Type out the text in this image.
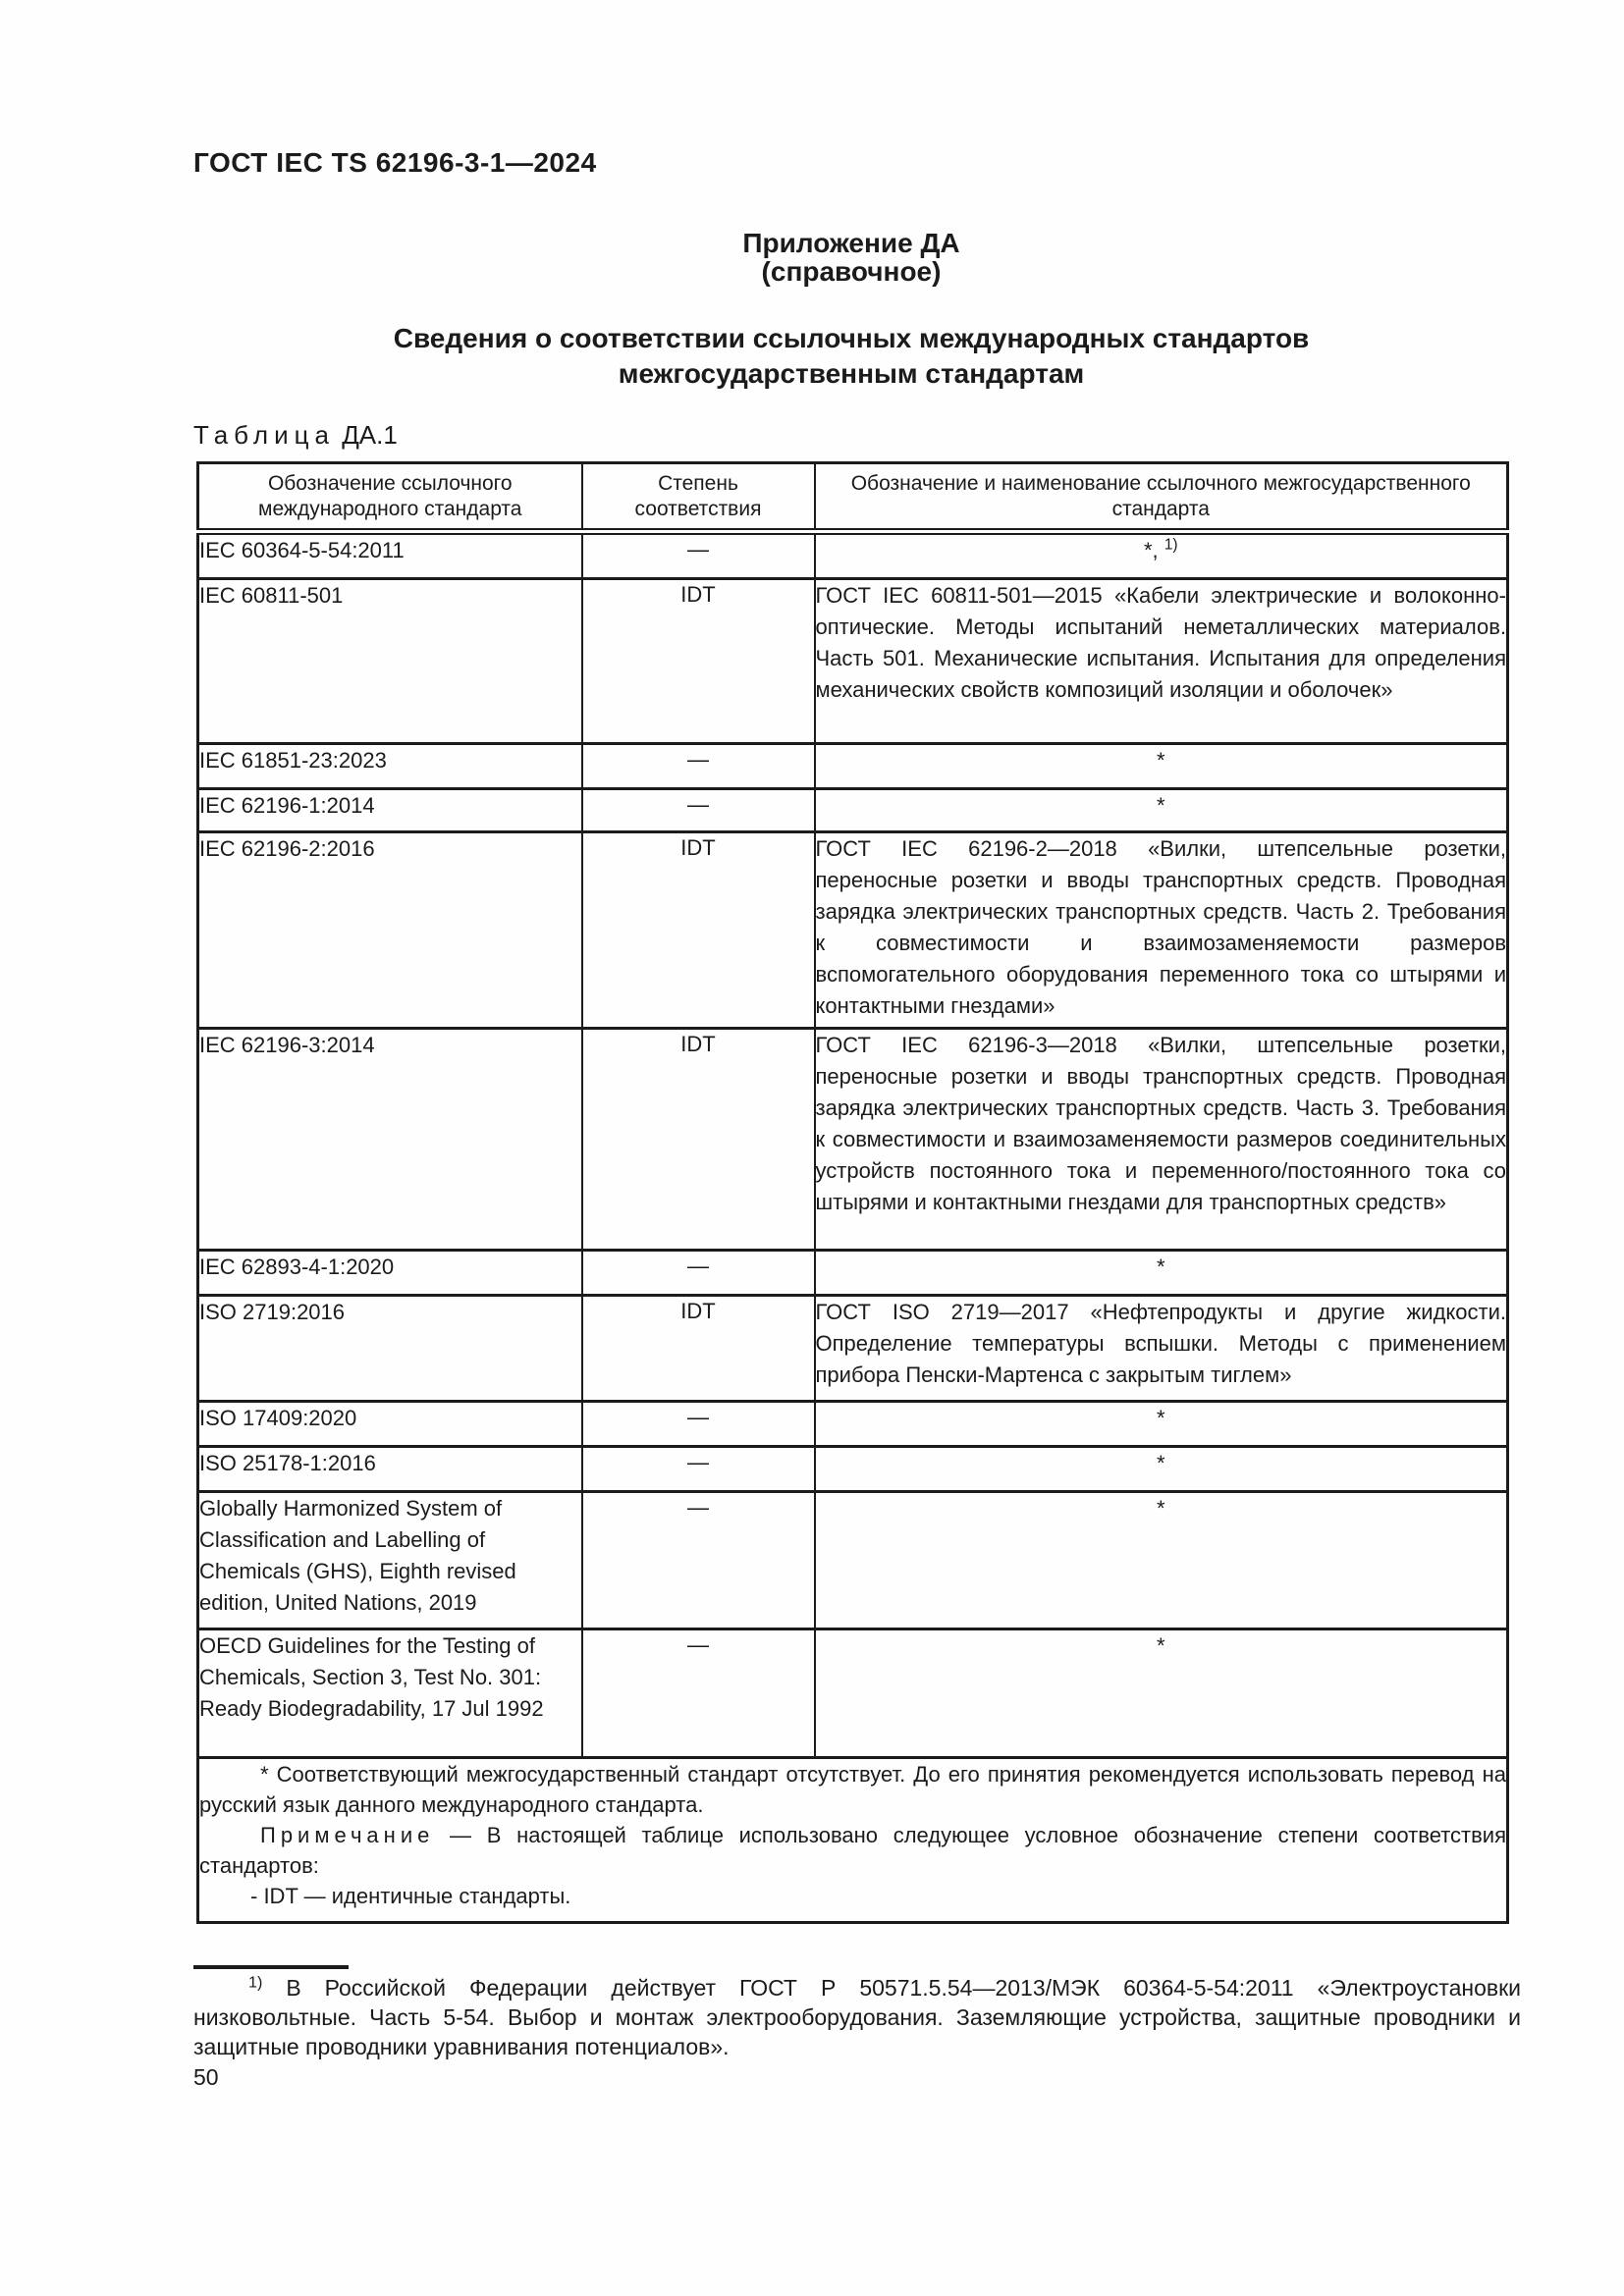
ГОСТ IEC TS 62196-3-1—2024
Приложение ДА
(справочное)
Сведения о соответствии ссылочных международных стандартов
межгосударственным стандартам
Таблица ДА.1
Обозначение ссылочного международного стандарта	Степень соответствия	Обозначение и наименование ссылочного межгосударственного стандарта
IEC 60364-5-54:2011	—	*, $^{1)}$
IEC 60811-501	IDT	ГОСТ IEC 60811-501—2015 «Кабели электрические и волоконно-оптические. Методы испытаний неметаллических материалов. Часть 501. Механические испытания. Испытания для определения механических свойств композиций изоляции и оболочек»
IEC 61851-23:2023	—	*
IEC 62196-1:2014	—	*
IEC 62196-2:2016	IDT	ГОСТ IEC 62196-2—2018 «Вилки, штепсельные розетки, переносные розетки и вводы транспортных средств. Проводная зарядка электрических транспортных средств. Часть 2. Требования к совместимости и взаимозаменяемости размеров вспомогательного оборудования переменного тока со штырями и контактными гнездами»
IEC 62196-3:2014	IDT	ГОСТ IEC 62196-3—2018 «Вилки, штепсельные розетки, переносные розетки и вводы транспортных средств. Проводная зарядка электрических транспортных средств. Часть 3. Требования к совместимости и взаимозаменяемости размеров соединительных устройств постоянного тока и переменного/постоянного тока со штырями и контактными гнездами для транспортных средств»
IEC 62893-4-1:2020	—	*
ISO 2719:2016	IDT	ГОСТ ISO 2719—2017 «Нефтепродукты и другие жидкости. Определение температуры вспышки. Методы с применением прибора Пенски-Мартенса с закрытым тиглем»
ISO 17409:2020	—	*
ISO 25178-1:2016	—	*
Globally Harmonized System of Classification and Labelling of Chemicals (GHS), Eighth revised edition, United Nations, 2019	—	*
OECD Guidelines for the Testing of Chemicals, Section 3, Test No. 301: Ready Biodegradability, 17 Jul 1992	—	*

* Соответствующий межгосударственный стандарт отсутствует. До его принятия рекомендуется использовать перевод на русский язык данного международного стандарта.

Примечание — В настоящей таблице использовано следующее условное обозначение степени соответствия стандартов:

- IDT — идентичные стандарты.		

$^{1)}$ В Российской Федерации действует ГОСТ Р 50571.5.54—2013/МЭК 60364-5-54:2011 «Электроустановки низковольтные. Часть 5-54. Выбор и монтаж электрооборудования. Заземляющие устройства, защитные проводники и защитные проводники уравнивания потенциалов».

50
